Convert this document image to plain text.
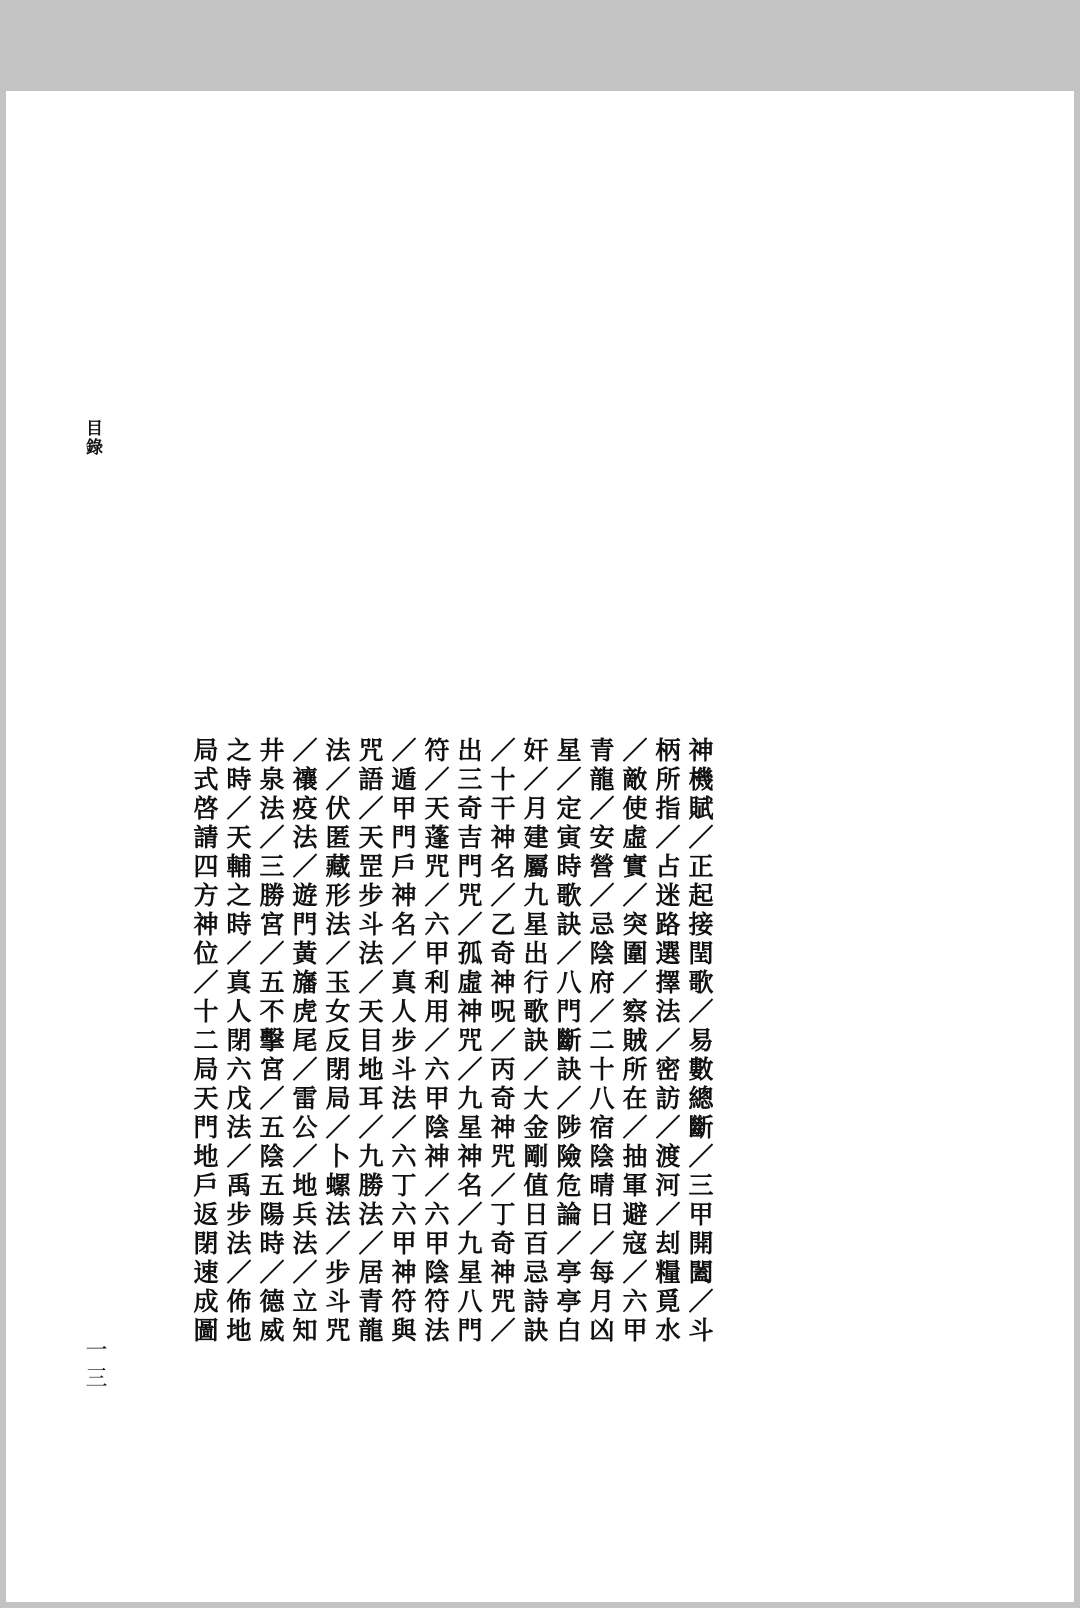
目錄
神機賦／正起接閏歌／易數總斷／三甲開闔／斗
柄所指／占迷路選擇法／密訪／渡河／刦糧覓水
／敵使虛實／突圍／察賊所在／抽軍避寇／六甲
青龍／安營／忌陰府／二十八宿陰晴日／每月凶
星／定寅時歌訣／八門斷訣／陟險危論／亭亭白
奸／月建屬九星出行歌訣／大金剛值日百忌詩訣
／十干神名／乙奇神呪／丙奇神咒／丁奇神咒／
出三奇吉門咒／孤虛神咒／九星神名／九星八門
符／天蓬咒／六甲利用／六甲陰神／六甲陰符法
／遁甲門戶神名／真人步斗法／六丁六甲神符與
咒語／天罡步斗法／天目地耳／九勝法／居青龍
法／伏匿藏形法／玉女反閉局／卜螺法／步斗咒
／禳疫法／遊門黃旛虎尾／雷公／地兵法／立知
井泉法／三勝宮／五不擊宮／五陰五陽時／德威
之時／天輔之時／真人閉六戊法／禹步法／佈地
局式啓請四方神位／十二局天門地戶返閉速成圖
一三
